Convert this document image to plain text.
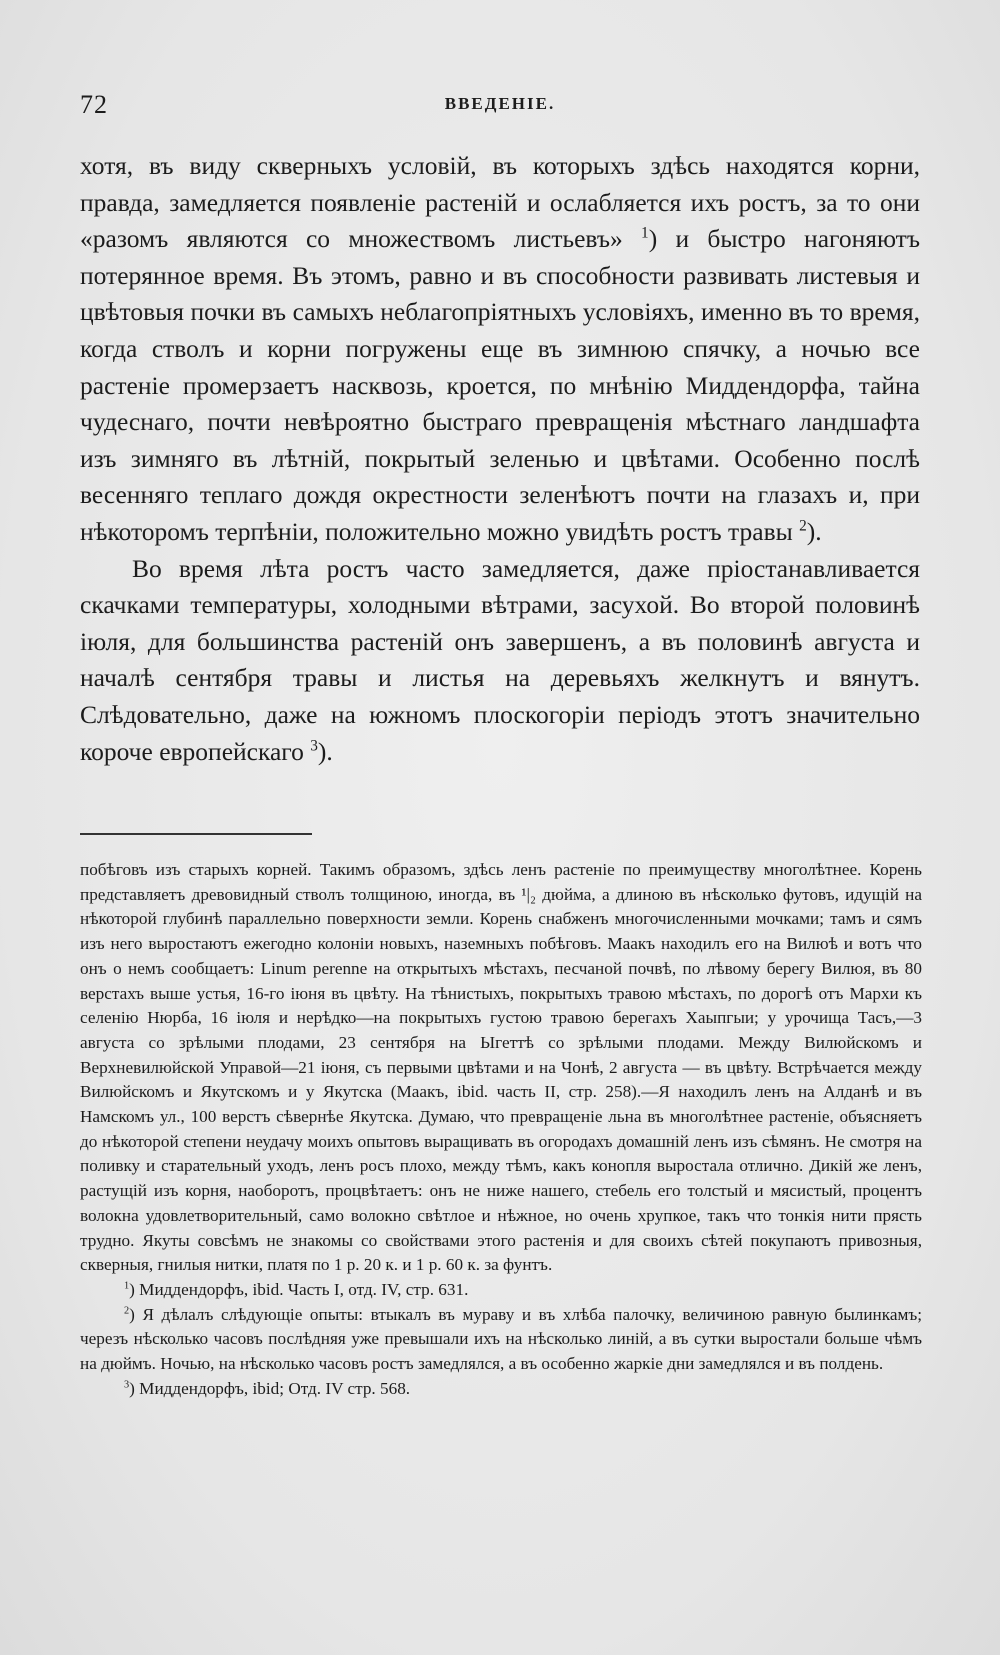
72	ВВЕДЕНІЕ.

хотя, въ виду скверныхъ условій, въ которыхъ здѣсь находятся корни, правда, замедляется появленіе растеній и ослабляется ихъ ростъ, за то они «разомъ являются со множествомъ листьевъ» $^1$) и быстро нагоняютъ потерянное время. Въ этомъ, равно и въ способности развивать листевыя и цвѣтовыя почки въ самыхъ неблагопріятныхъ условіяхъ, именно въ то время, когда стволъ и корни погружены еще въ зимнюю спячку, а ночью все растеніе промерзаетъ насквозь, кроется, по мнѣнію Миддендорфа, тайна чудеснаго, почти невѣроятно быстраго превращенія мѣстнаго ландшафта изъ зимняго въ лѣтній, покрытый зеленью и цвѣтами. Особенно послѣ весенняго теплаго дождя окрестности зеленѣютъ почти на глазахъ и, при нѣкоторомъ терпѣніи, положительно можно увидѣть ростъ травы $^2$).

Во время лѣта ростъ часто замедляется, даже пріостанавливается скачками температуры, холодными вѣтрами, засухой. Во второй половинѣ іюля, для большинства растеній онъ завершенъ, а въ половинѣ августа и началѣ сентября травы и листья на деревьяхъ желкнутъ и вянутъ. Слѣдовательно, даже на южномъ плоскогоріи періодъ этотъ значительно короче европейскаго $^3$).

побѣговъ изъ старыхъ корней. Такимъ образомъ, здѣсь ленъ растеніе по преимуществу многолѣтнее. Корень представляетъ древовидный стволъ толщиною, иногда, въ ¹|₂ дюйма, а длиною въ нѣсколько футовъ, идущій на нѣкоторой глубинѣ параллельно поверхности земли. Корень снабженъ многочисленными мочками; тамъ и сямъ изъ него выростаютъ ежегодно колоніи новыхъ, наземныхъ побѣговъ. Маакъ находилъ его на Вилюѣ и вотъ что онъ о немъ сообщаетъ: Linum perenne на открытыхъ мѣстахъ, песчаной почвѣ, по лѣвому берегу Вилюя, въ 80 верстахъ выше устья, 16-го іюня въ цвѣту. На тѣнистыхъ, покрытыхъ травою мѣстахъ, по дорогѣ отъ Мархи къ селенію Нюрба, 16 іюля и нерѣдко—на покрытыхъ густою травою берегахъ Хаыпгыи; у урочища Тасъ,—3 августа со зрѣлыми плодами, 23 сентября на Ыгеттѣ со зрѣлыми плодами. Между Вилюйскомъ и Верхневилюйской Управой—21 іюня, съ первыми цвѣтами и на Чонѣ, 2 августа — въ цвѣту. Встрѣчается между Вилюйскомъ и Якутскомъ и у Якутска (Маакъ, ibid. часть II, стр. 258).—Я находилъ ленъ на Алданѣ и въ Намскомъ ул., 100 верстъ сѣвернѣе Якутска. Думаю, что превращеніе льна въ многолѣтнее растеніе, объясняетъ до нѣкоторой степени неудачу моихъ опытовъ выращивать въ огородахъ домашній ленъ изъ сѣмянъ. Не смотря на поливку и старательный уходъ, ленъ росъ плохо, между тѣмъ, какъ конопля выростала отлично. Дикій же ленъ, растущій изъ корня, наоборотъ, процвѣтаетъ: онъ не ниже нашего, стебель его толстый и мясистый, процентъ волокна удовлетворительный, само волокно свѣтлое и нѣжное, но очень хрупкое, такъ что тонкія нити прясть трудно. Якуты совсѣмъ не знакомы со свойствами этого растенія и для своихъ сѣтей покупаютъ привозныя, скверныя, гнилыя нитки, платя по 1 р. 20 к. и 1 р. 60 к. за фунтъ.

$^1$) Миддендорфъ, ibid. Часть I, отд. IV, стр. 631.

$^2$) Я дѣлалъ слѣдующіе опыты: втыкалъ въ мураву и въ хлѣба палочку, величиною равную былинкамъ; черезъ нѣсколько часовъ послѣдняя уже превышали ихъ на нѣсколько линій, а въ сутки выростали больше чѣмъ на дюймъ. Ночью, на нѣсколько часовъ ростъ замедлялся, а въ особенно жаркіе дни замедлялся и въ полдень.

$^3$) Миддендорфъ, ibid; Отд. IV стр. 568.
